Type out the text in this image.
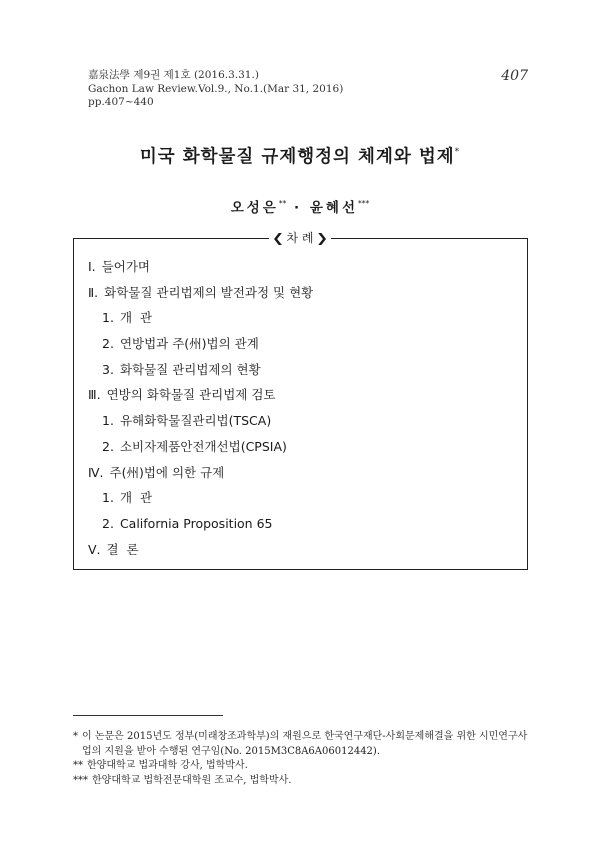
嘉泉法學 제9권 제1호 (2016.3.31.)
Gachon Law Review.Vol.9., No.1.(Mar 31, 2016)
pp.407~440
407
미국 화학물질 규제행정의 체계와 법제*
오성은** · 윤혜선***
❮ 차 례 ❯
Ⅰ. 들어가며
Ⅱ. 화학물질 관리법제의 발전과정 및 현황
1. 개  관
2. 연방법과 주(州)법의 관계
3. 화학물질 관리법제의 현황
Ⅲ. 연방의 화학물질 관리법제 검토
1. 유해화학물질관리법(TSCA)
2. 소비자제품안전개선법(CPSIA)
Ⅳ. 주(州)법에 의한 규제
1. 개  관
2. California Proposition 65
Ⅴ. 결  론
* 이 논문은 2015년도 정부(미래창조과학부)의 재원으로 한국연구재단-사회문제해결을 위한 시민연구사업의 지원을 받아 수행된 연구임(No. 2015M3C8A6A06012442).
** 한양대학교 법과대학 강사, 법학박사.
*** 한양대학교 법학전문대학원 조교수, 법학박사.
